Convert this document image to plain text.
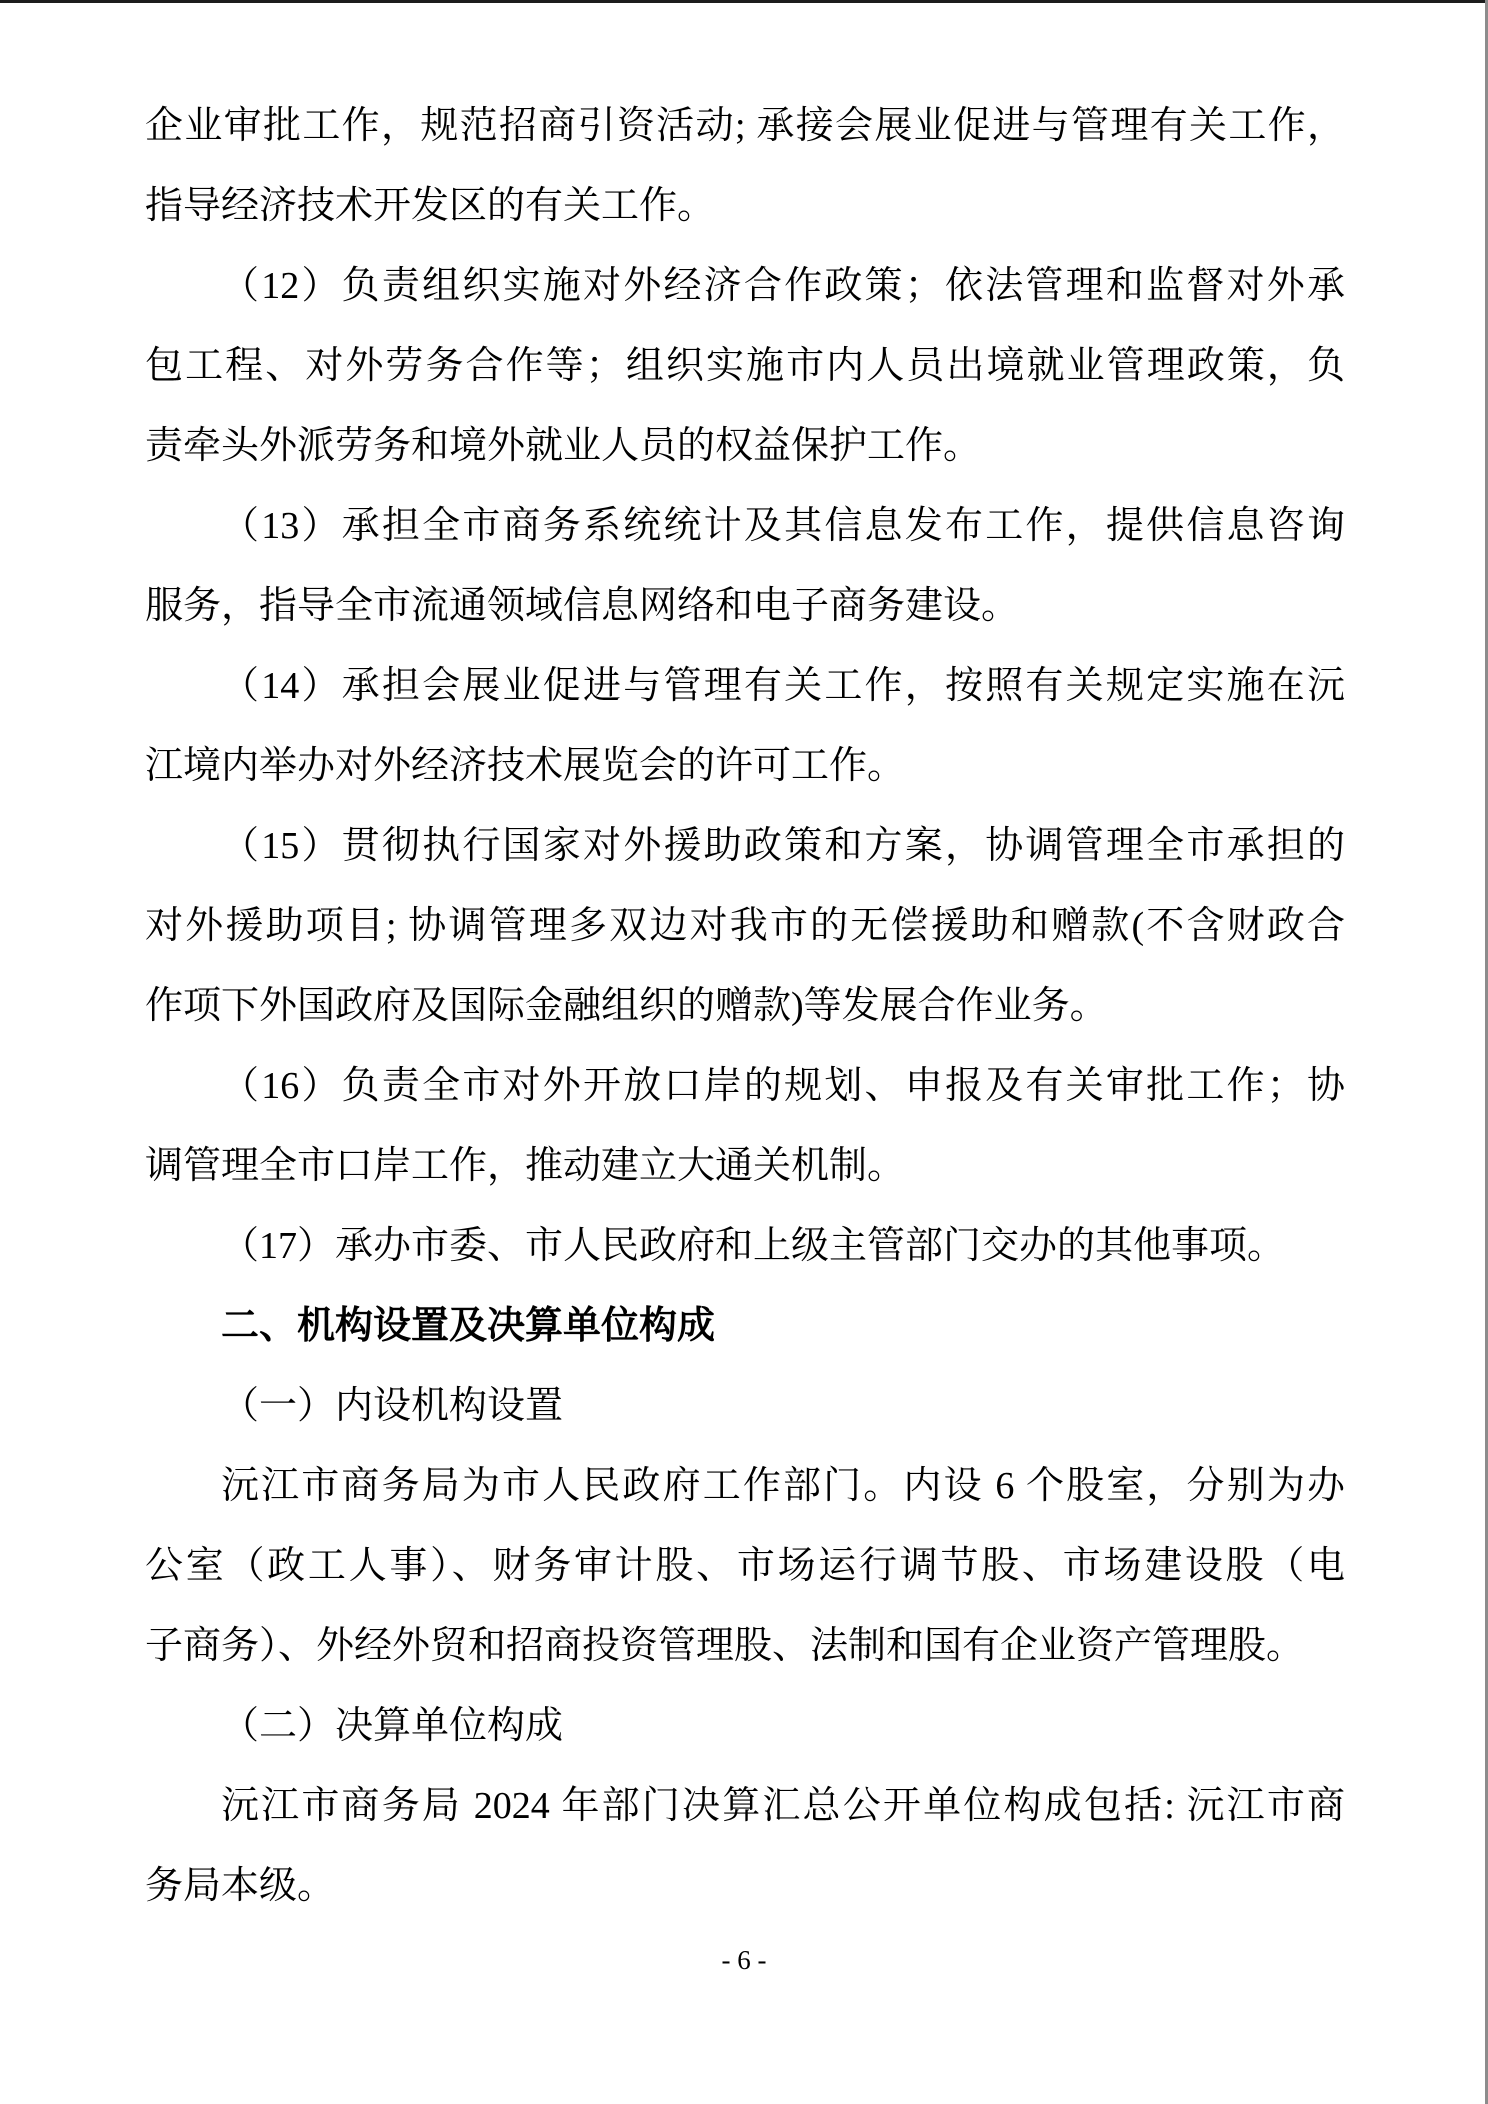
企业审批工作，规范招商引资活动; 承接会展业促进与管理有关工作，
指导经济技术开发区的有关工作。
（12）负责组织实施对外经济合作政策；依法管理和监督对外承
包工程、对外劳务合作等；组织实施市内人员出境就业管理政策，负
责牵头外派劳务和境外就业人员的权益保护工作。
（13）承担全市商务系统统计及其信息发布工作，提供信息咨询
服务，指导全市流通领域信息网络和电子商务建设。
（14）承担会展业促进与管理有关工作，按照有关规定实施在沅
江境内举办对外经济技术展览会的许可工作。
（15）贯彻执行国家对外援助政策和方案，协调管理全市承担的
对外援助项目; 协调管理多双边对我市的无偿援助和赠款(不含财政合
作项下外国政府及国际金融组织的赠款)等发展合作业务。
（16）负责全市对外开放口岸的规划、申报及有关审批工作；协
调管理全市口岸工作，推动建立大通关机制。
（17）承办市委、市人民政府和上级主管部门交办的其他事项。
二、机构设置及决算单位构成
（一）内设机构设置
沅江市商务局为市人民政府工作部门。内设 6 个股室，分别为办
公室（政工人事）、财务审计股、市场运行调节股、市场建设股（电
子商务）、外经外贸和招商投资管理股、法制和国有企业资产管理股。
（二）决算单位构成
沅江市商务局 2024 年部门决算汇总公开单位构成包括: 沅江市商
务局本级。
- 6 -
